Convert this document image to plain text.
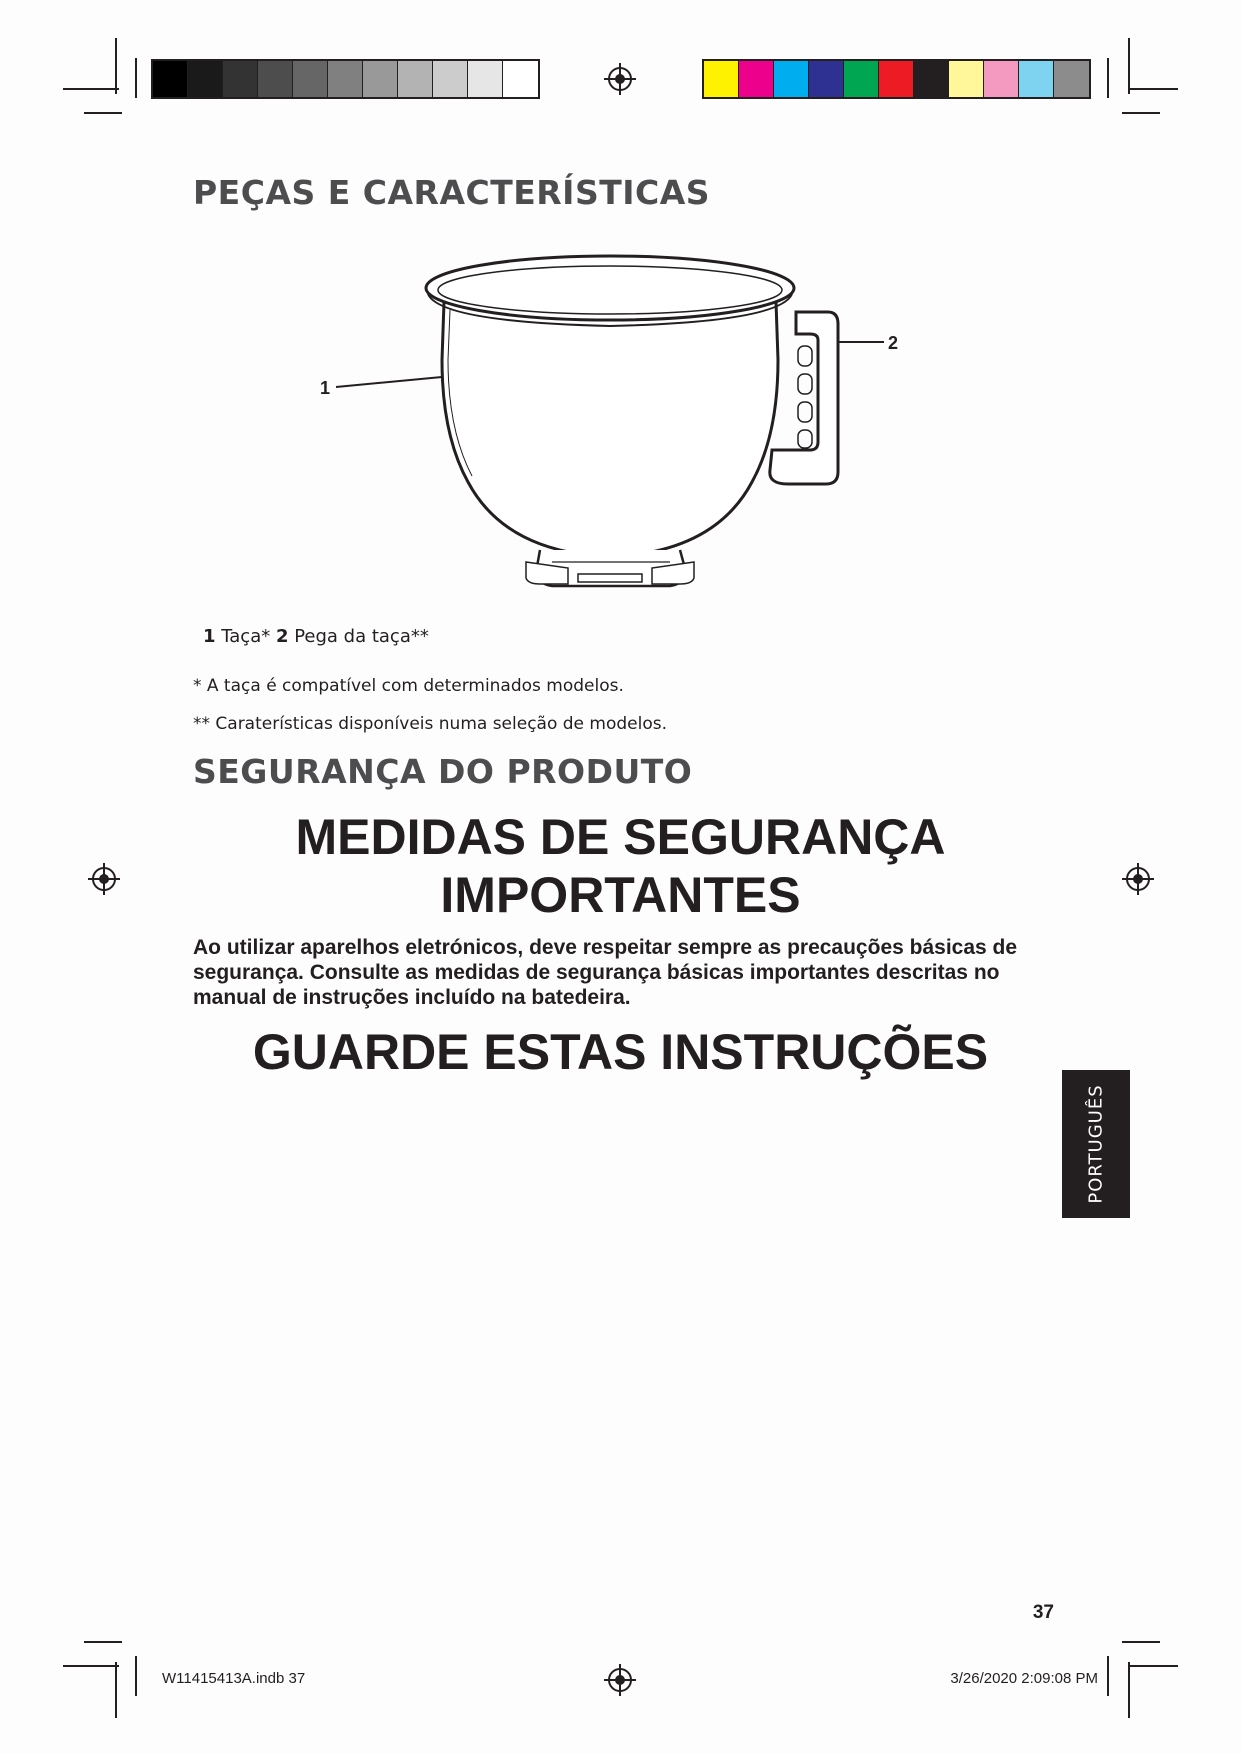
PEÇAS E CARACTERÍSTICAS
1
2
1 Taça* 2 Pega da taça**
* A taça é compatível com determinados modelos.
** Caraterísticas disponíveis numa seleção de modelos.
SEGURANÇA DO PRODUTO
MEDIDAS DE SEGURANÇA
IMPORTANTES

Ao utilizar aparelhos eletrónicos, deve respeitar sempre as precauções básicas de segurança. Consulte as medidas de segurança básicas importantes descritas no manual de instruções incluído na batedeira.

GUARDE ESTAS INSTRUÇÕES
PORTUGUÊS
37
W11415413A.indb 37	3/26/2020 2:09:08 PM
